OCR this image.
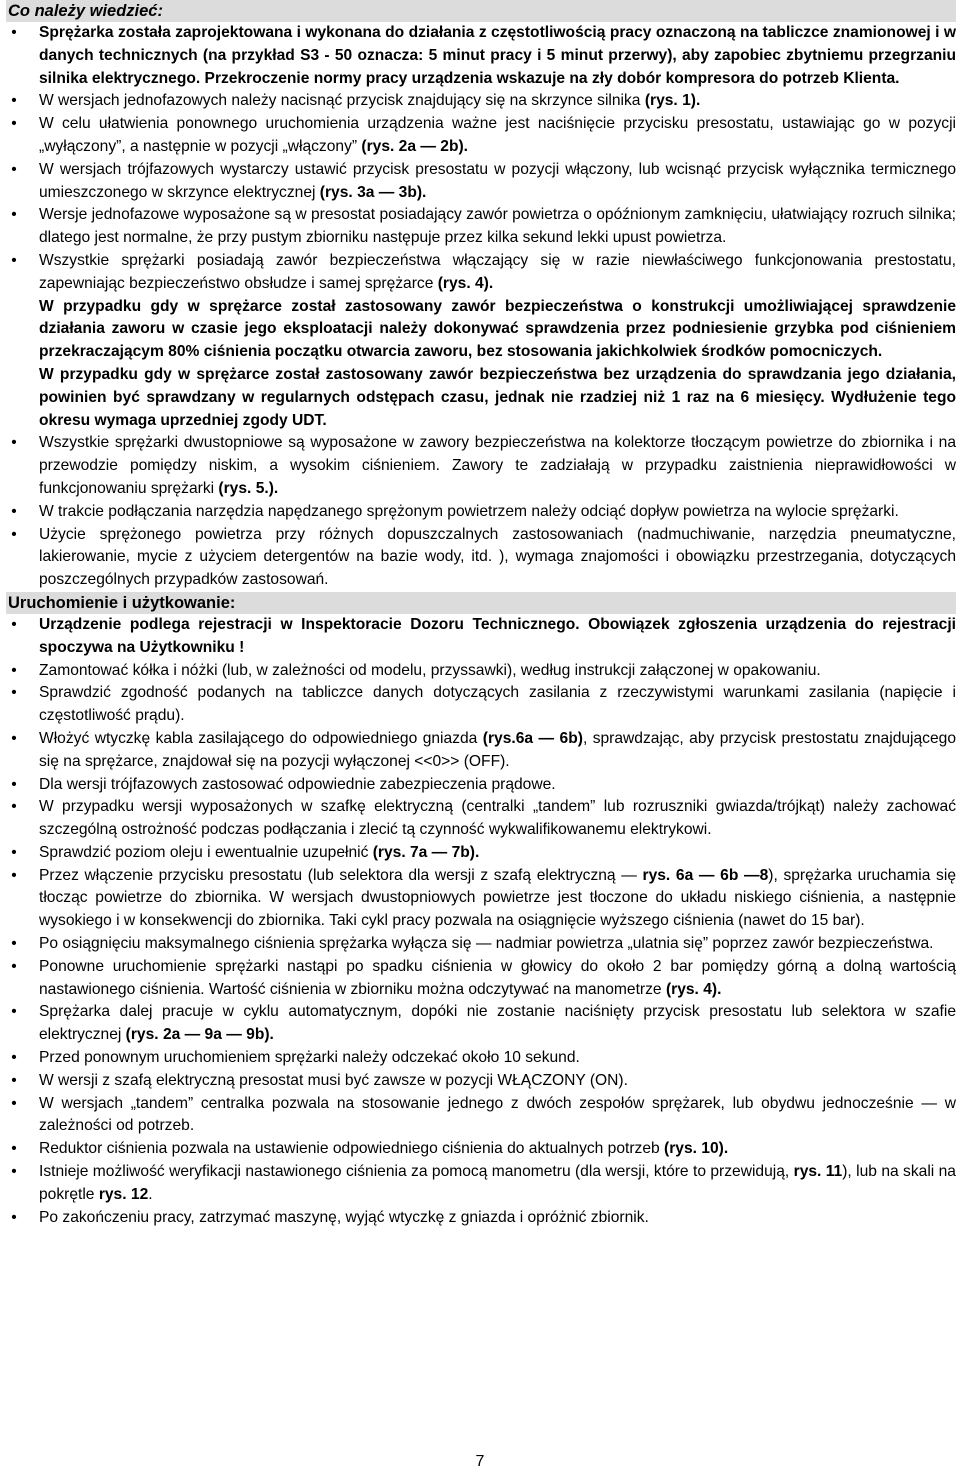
Co należy wiedzieć:
• Sprężarka została zaprojektowana i wykonana do działania z częstotliwością pracy oznaczoną na tabliczce znamionowej i w danych technicznych (na przykład S3 - 50 oznacza: 5 minut pracy i 5 minut przerwy), aby zapobiec zbytniemu przegrzaniu silnika elektrycznego. Przekroczenie normy pracy urządzenia wskazuje na zły dobór kompresora do potrzeb Klienta.
• W wersjach jednofazowych należy nacisnąć przycisk znajdujący się na skrzynce silnika (rys. 1).
• W celu ułatwienia ponownego uruchomienia urządzenia ważne jest naciśnięcie przycisku presostatu, ustawiając go w pozycji „wyłączony”, a następnie w pozycji „włączony” (rys. 2a — 2b).
• W wersjach trójfazowych wystarczy ustawić przycisk presostatu w pozycji włączony, lub wcisnąć przycisk wyłącznika termicznego umieszczonego w skrzynce elektrycznej (rys. 3a — 3b).
• Wersje jednofazowe wyposażone są w presostat posiadający zawór powietrza o opóźnionym zamknięciu, ułatwiający rozruch silnika; dlatego jest normalne, że przy pustym zbiorniku następuje przez kilka sekund lekki upust powietrza.
• Wszystkie sprężarki posiadają zawór bezpieczeństwa włączający się w razie niewłaściwego funkcjonowania prestostatu, zapewniając bezpieczeństwo obsłudze i samej sprężarce (rys. 4).
W przypadku gdy w sprężarce został zastosowany zawór bezpieczeństwa o konstrukcji umożliwiającej sprawdzenie działania zaworu w czasie jego eksploatacji należy dokonywać sprawdzenia przez podniesienie grzybka pod ciśnieniem przekraczającym 80% ciśnienia początku otwarcia zaworu, bez stosowania jakichkolwiek środków pomocniczych.
W przypadku gdy w sprężarce został zastosowany zawór bezpieczeństwa bez urządzenia do sprawdzania jego działania, powinien być sprawdzany w regularnych odstępach czasu, jednak nie rzadziej niż 1 raz na 6 miesięcy. Wydłużenie tego okresu wymaga uprzedniej zgody UDT.
• Wszystkie sprężarki dwustopniowe są wyposażone w zawory bezpieczeństwa na kolektorze tłoczącym powietrze do zbiornika i na przewodzie pomiędzy niskim, a wysokim ciśnieniem. Zawory te zadziałają w przypadku zaistnienia nieprawidłowości w funkcjonowaniu sprężarki (rys. 5.).
• W trakcie podłączania narzędzia napędzanego sprężonym powietrzem należy odciąć dopływ powietrza na wylocie sprężarki.
• Użycie sprężonego powietrza przy różnych dopuszczalnych zastosowaniach (nadmuchiwanie, narzędzia pneumatyczne, lakierowanie, mycie z użyciem detergentów na bazie wody, itd. ), wymaga znajomości i obowiązku przestrzegania, dotyczących poszczególnych przypadków zastosowań.
Uruchomienie i użytkowanie:
• Urządzenie podlega rejestracji w Inspektoracie Dozoru Technicznego. Obowiązek zgłoszenia urządzenia do rejestracji spoczywa na Użytkowniku !
• Zamontować kółka i nóżki (lub, w zależności od modelu, przyssawki), według instrukcji załączonej w opakowaniu.
• Sprawdzić zgodność podanych na tabliczce danych dotyczących zasilania z rzeczywistymi warunkami zasilania (napięcie i częstotliwość prądu).
• Włożyć wtyczkę kabla zasilającego do odpowiedniego gniazda (rys.6a — 6b), sprawdzając, aby przycisk prestostatu znajdującego się na sprężarce, znajdował się na pozycji wyłączonej <<0>> (OFF).
• Dla wersji trójfazowych zastosować odpowiednie zabezpieczenia prądowe.
• W przypadku wersji wyposażonych w szafkę elektryczną (centralki „tandem” lub rozruszniki gwiazda/trójkąt) należy zachować szczególną ostrożność podczas podłączania i zlecić tą czynność wykwalifikowanemu elektrykowi.
• Sprawdzić poziom oleju i ewentualnie uzupełnić (rys. 7a — 7b).
• Przez włączenie przycisku presostatu (lub selektora dla wersji z szafą elektryczną — rys. 6a — 6b —8), sprężarka uruchamia się tłocząc powietrze do zbiornika. W wersjach dwustopniowych powietrze jest tłoczone do układu niskiego ciśnienia, a następnie wysokiego i w konsekwencji do zbiornika. Taki cykl pracy pozwala na osiągnięcie wyższego ciśnienia (nawet do 15 bar).
• Po osiągnięciu maksymalnego ciśnienia sprężarka wyłącza się — nadmiar powietrza „ulatnia się” poprzez zawór bezpieczeństwa.
• Ponowne uruchomienie sprężarki nastąpi po spadku ciśnienia w głowicy do około 2 bar pomiędzy górną a dolną wartością nastawionego ciśnienia. Wartość ciśnienia w zbiorniku można odczytywać na manometrze (rys. 4).
• Sprężarka dalej pracuje w cyklu automatycznym, dopóki nie zostanie naciśnięty przycisk presostatu lub selektora w szafie elektrycznej (rys. 2a — 9a — 9b).
• Przed ponownym uruchomieniem sprężarki należy odczekać około 10 sekund.
• W wersji z szafą elektryczną presostat musi być zawsze w pozycji WŁĄCZONY (ON).
• W wersjach „tandem” centralka pozwala na stosowanie jednego z dwóch zespołów sprężarek, lub obydwu jednocześnie — w zależności od potrzeb.
• Reduktor ciśnienia pozwala na ustawienie odpowiedniego ciśnienia do aktualnych potrzeb (rys. 10).
• Istnieje możliwość weryfikacji nastawionego ciśnienia za pomocą manometru (dla wersji, które to przewidują, rys. 11), lub na skali na pokrętle rys. 12.
• Po zakończeniu pracy, zatrzymać maszynę, wyjąć wtyczkę z gniazda i opróżnić zbiornik.
7
